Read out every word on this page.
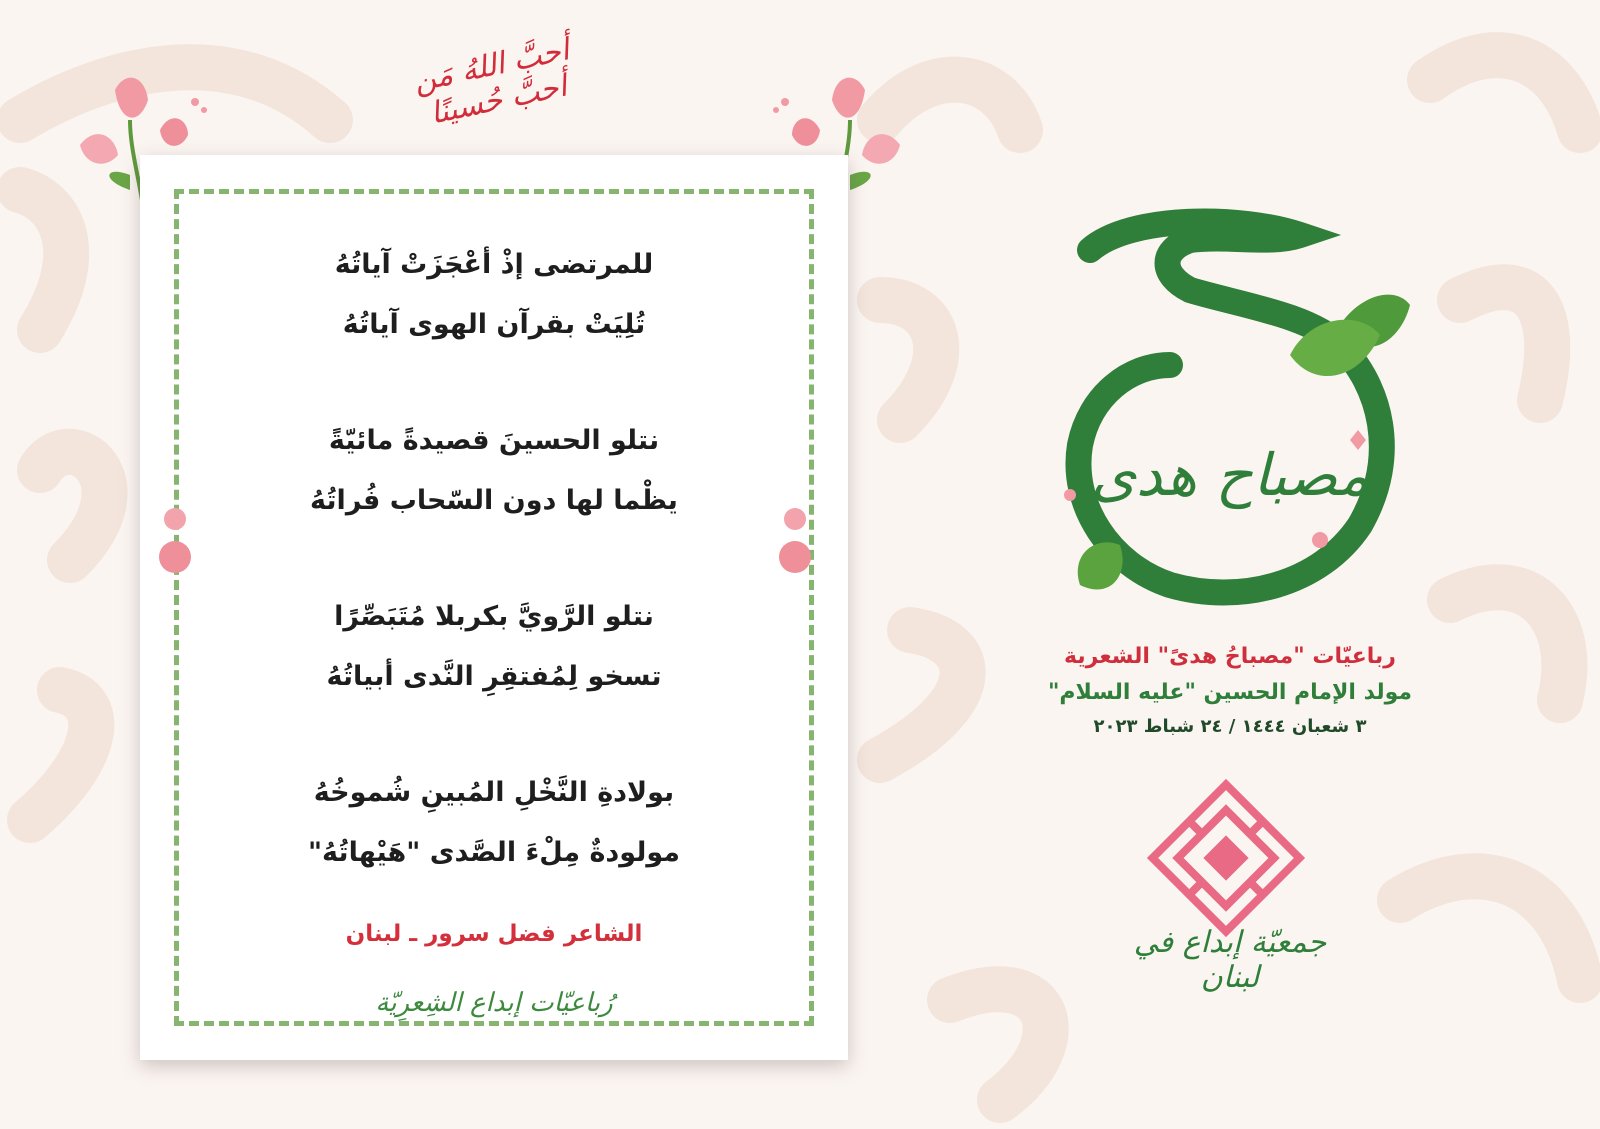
أحبَّ اللهُ مَن أحبَّ حُسينًا
للمرتضى إذْ أعْجَزَتْ آياتُهُ
تُلِيَتْ بقرآن الهوى آياتُهُ
نتلو الحسينَ قصيدةً مائيّةً
يظْما لها دون السّحاب فُراتُهُ
نتلو الرَّويَّ بكربلا مُتَبَصِّرًا
تسخو لِمُفتقِرِ النَّدى أبياتُهُ
بولادةِ النَّخْلِ المُبينِ شُموخُهُ
مولودةٌ مِلْءَ الصَّدى "هَيْهاتُهُ"
الشاعر فضل سرور ـ لبنان
رُباعيّات إبداع الشِعرِيّة
مصباح هدى
رباعيّات "مصباحُ هدىً" الشعرية
مولد الإمام الحسين "عليه السلام"
٣ شعبان ١٤٤٤ / ٢٤ شباط ٢٠٢٣
جمعيّة إبداع في لبنان
